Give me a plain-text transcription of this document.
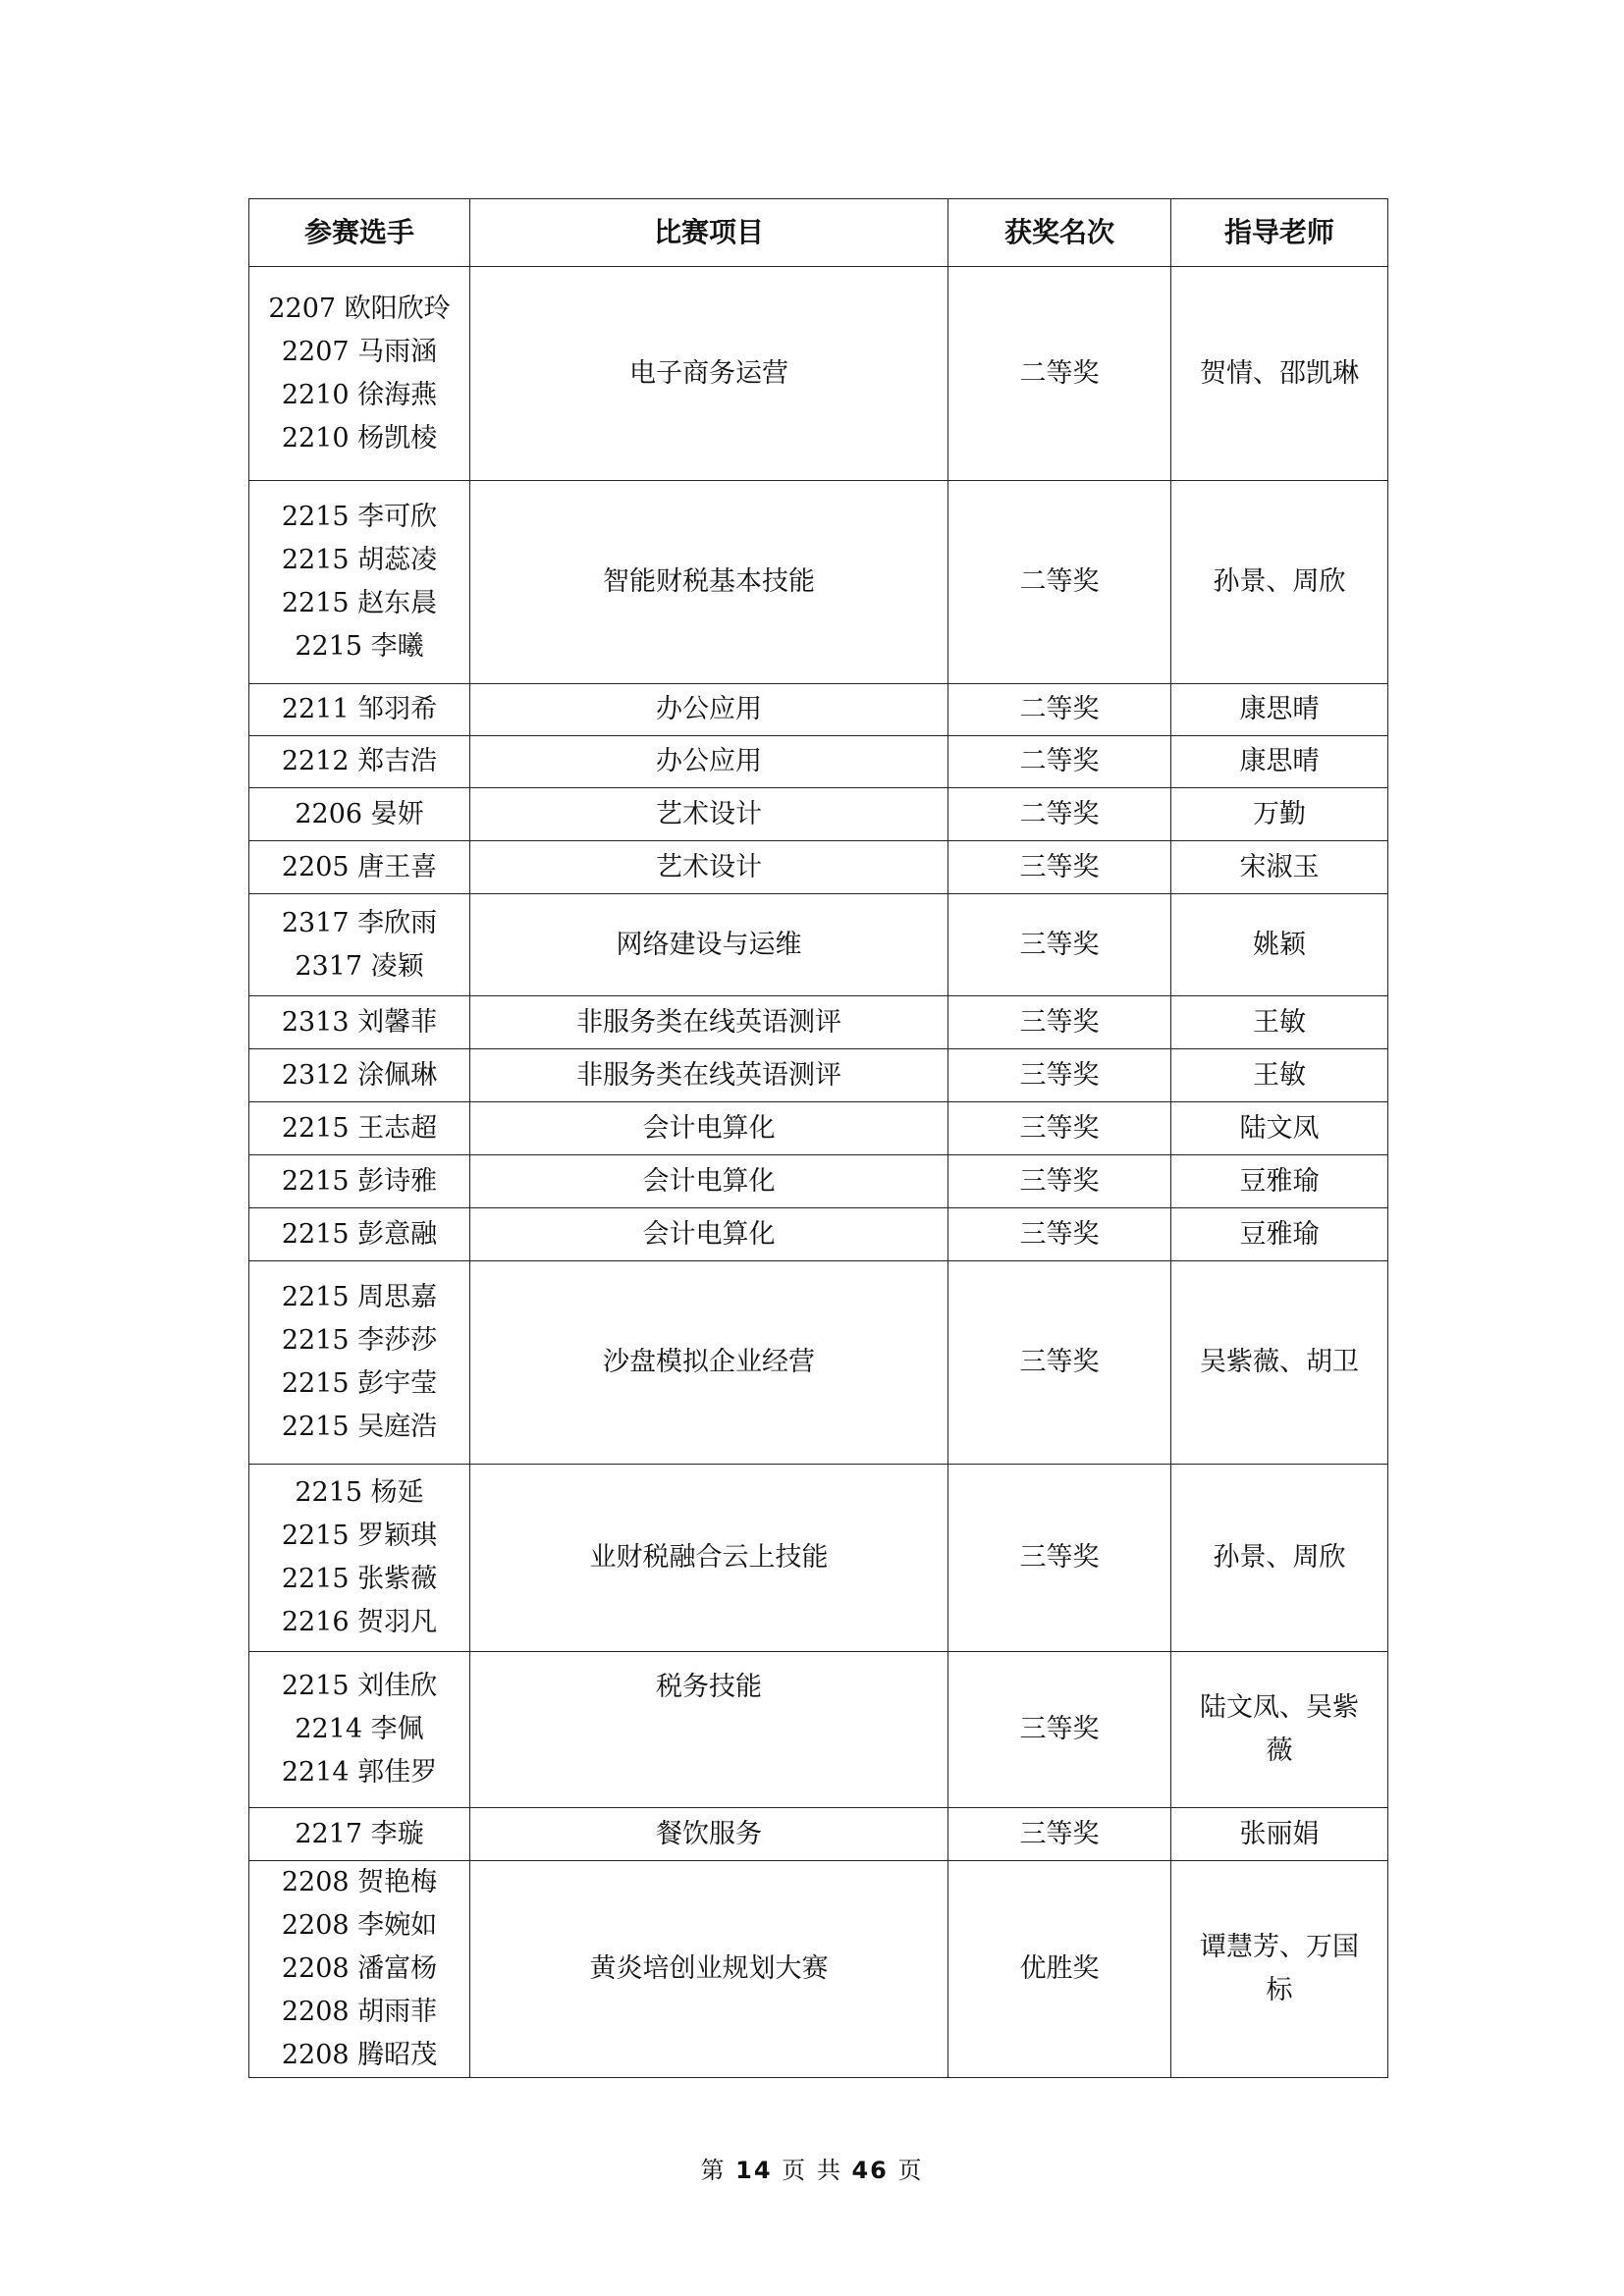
参赛选手	比赛项目	获奖名次	指导老师

2207 欧阳欣玲
2207 马雨涵
2210 徐海燕
2210 杨凯棱	电子商务运营	二等奖	贺情、邵凯琳

2215 李可欣
2215 胡蕊凌
2215 赵东晨
2215 李曦	智能财税基本技能	二等奖	孙景、周欣
2211 邹羽希	办公应用	二等奖	康思晴
2212 郑吉浩	办公应用	二等奖	康思晴
2206 晏妍	艺术设计	二等奖	万勤
2205 唐王喜	艺术设计	三等奖	宋淑玉

2317 李欣雨
2317 凌颖	网络建设与运维	三等奖	姚颖
2313 刘馨菲	非服务类在线英语测评	三等奖	王敏
2312 涂佩琳	非服务类在线英语测评	三等奖	王敏
2215 王志超	会计电算化	三等奖	陆文凤
2215 彭诗雅	会计电算化	三等奖	豆雅瑜
2215 彭意融	会计电算化	三等奖	豆雅瑜

2215 周思嘉
2215 李莎莎
2215 彭宇莹
2215 吴庭浩	沙盘模拟企业经营	三等奖	吴紫薇、胡卫

2215 杨延
2215 罗颖琪
2215 张紫薇
2216 贺羽凡	业财税融合云上技能	三等奖	孙景、周欣

2215 刘佳欣
2214 李佩
2214 郭佳罗	税务技能	三等奖	陆文凤、吴紫薇

2217 李璇	餐饮服务	三等奖	张丽娟

2208 贺艳梅
2208 李婉如
2208 潘富杨
2208 胡雨菲
2208 腾昭茂	黄炎培创业规划大赛	优胜奖	谭慧芳、万国标
第 14 页 共 46 页
